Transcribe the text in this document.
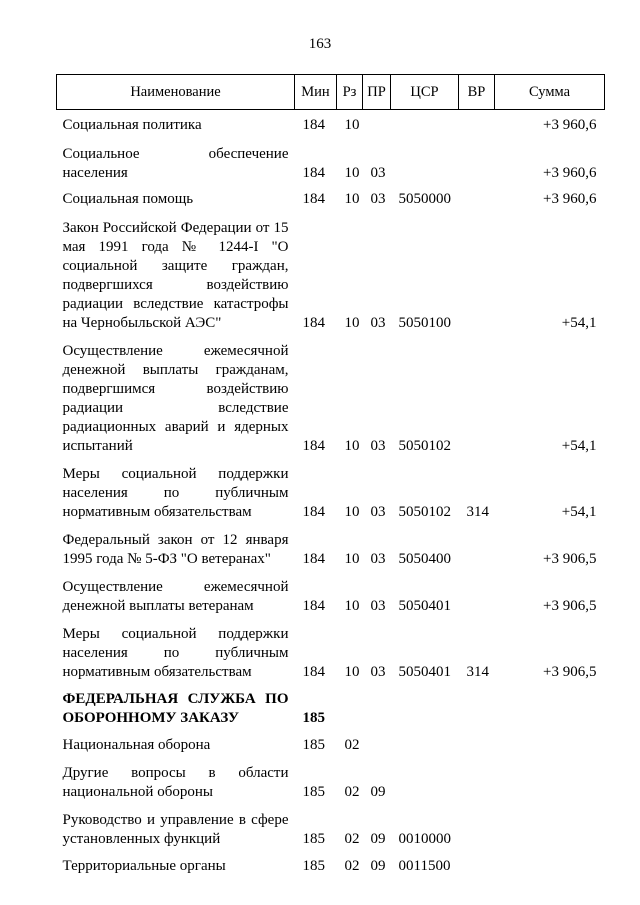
163
Наименование	Мин	Рз	ПР	ЦСР	ВР	Сумма
Социальная политика	184	10				+3 960,6
Социальное обеспечение населения	184	10	03			+3 960,6
Социальная помощь	184	10	03	5050000		+3 960,6
Закон Российской Федерации от 15 мая 1991 года № 1244-I "О социальной защите граждан, подвергшихся воздействию радиации вследствие катастрофы на Чернобыльской АЭС"	184	10	03	5050100		+54,1
Осуществление ежемесячной денежной выплаты гражданам, подвергшимся воздействию радиации вследствие радиационных аварий и ядерных испытаний	184	10	03	5050102		+54,1
Меры социальной поддержки населения по публичным нормативным обязательствам	184	10	03	5050102	314	+54,1
Федеральный закон от 12 января 1995 года № 5-ФЗ "О ветеранах"	184	10	03	5050400		+3 906,5
Осуществление ежемесячной денежной выплаты ветеранам	184	10	03	5050401		+3 906,5
Меры социальной поддержки населения по публичным нормативным обязательствам	184	10	03	5050401	314	+3 906,5
ФЕДЕРАЛЬНАЯ СЛУЖБА ПО ОБОРОННОМУ ЗАКАЗУ	185					
Национальная оборона	185	02				
Другие вопросы в области национальной обороны	185	02	09			
Руководство и управление в сфере установленных функций	185	02	09	0010000		
Территориальные органы	185	02	09	0011500		
